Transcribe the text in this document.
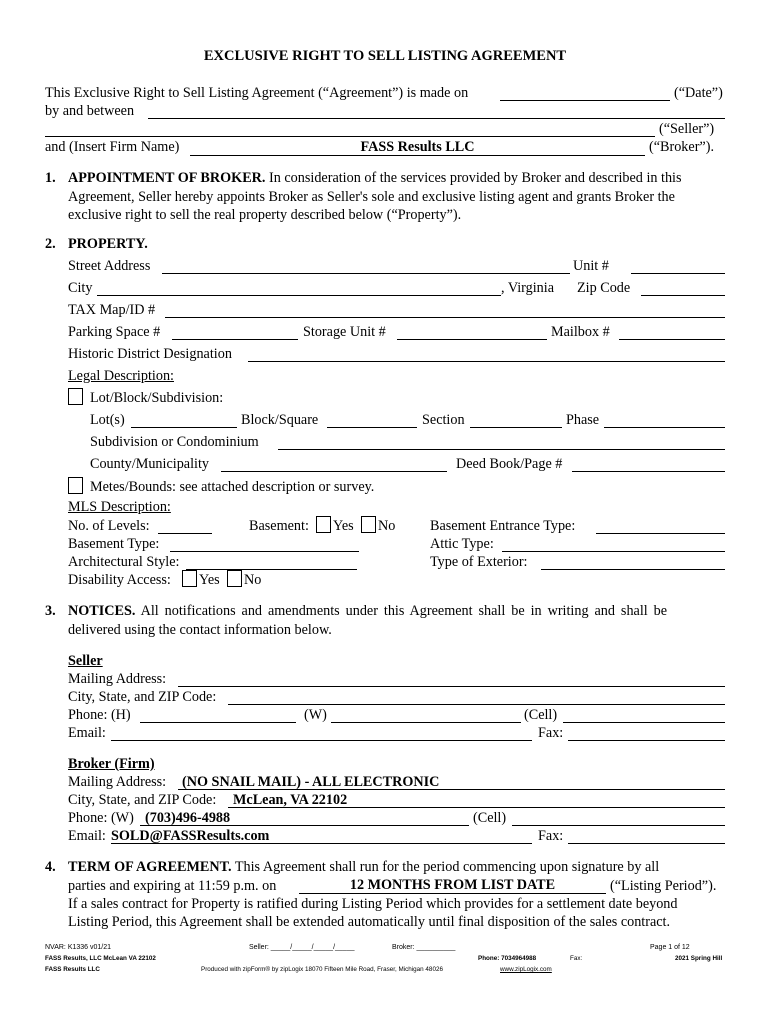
EXCLUSIVE RIGHT TO SELL LISTING AGREEMENT
This Exclusive Right to Sell Listing Agreement (“Agreement”) is made on	(“Date”)
by and between
(“Seller”)
and (Insert Firm Name)	FASS Results LLC	(“Broker”).
1. APPOINTMENT OF BROKER. In consideration of the services provided by Broker and described in this
Agreement, Seller hereby appoints Broker as Seller's sole and exclusive listing agent and grants Broker the
exclusive right to sell the real property described below (“Property”).
2. PROPERTY.
Street Address	Unit #
City	, Virginia Zip Code
TAX Map/ID #
Parking Space #	Storage Unit #	Mailbox #
Historic District Designation
Legal Description:
Lot/Block/Subdivision:
Lot(s)	Block/Square	Section	Phase
Subdivision or Condominium
County/Municipality	Deed Book/Page #
Metes/Bounds: see attached description or survey.
MLS Description:
No. of Levels:	Basement: Yes No Basement Entrance Type:
Basement Type:	Attic Type:
Architectural Style:	Type of Exterior:
Disability Access: Yes No
3. NOTICES. All notifications and amendments under this Agreement shall be in writing and shall be
delivered using the contact information below.
Seller
Mailing Address:
City, State, and ZIP Code:
Phone: (H)	(W)	(Cell)
Email:	Fax:
Broker (Firm)
Mailing Address: (NO SNAIL MAIL) - ALL ELECTRONIC
City, State, and ZIP Code: McLean, VA 22102
Phone: (W) (703)496-4988	(Cell)
Email: SOLD@FASSResults.com	Fax:
4. TERM OF AGREEMENT. This Agreement shall run for the period commencing upon signature by all
parties and expiring at 11:59 p.m. on	12 MONTHS FROM LIST DATE	(“Listing Period”).
If a sales contract for Property is ratified during Listing Period which provides for a settlement date beyond
Listing Period, this Agreement shall be extended automatically until final disposition of the sales contract.
NVAR: K1336 v01/21
FASS Results, LLC McLean VA 22102
FASS Results LLC
Seller: _____/_____/_____/_____	Broker: __________
Phone: 7034964988	Fax:
Produced with zipForm® by zipLogix 18070 Fifteen Mile Road, Fraser, Michigan 48026	www.zipLogix.com
Page 1 of 12
2021 Spring Hill
